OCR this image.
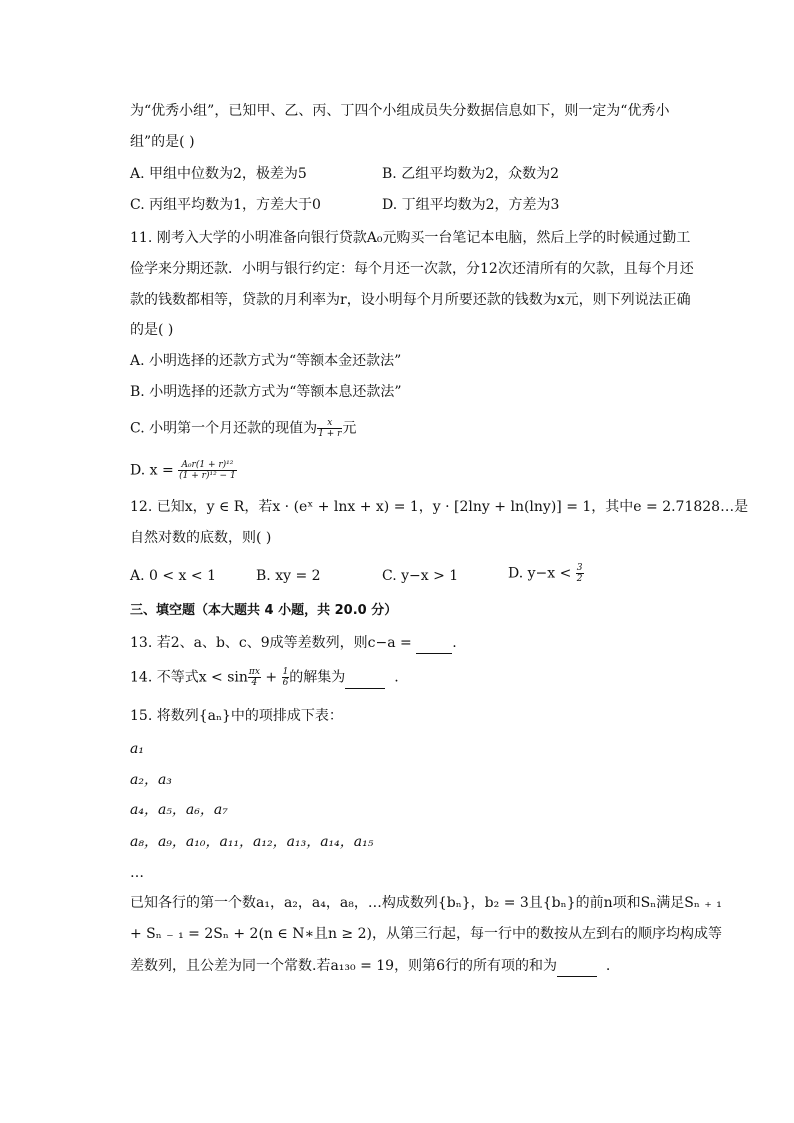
为“优秀小组”，已知甲、乙、丙、丁四个小组成员失分数据信息如下，则一定为“优秀小
组”的是( )
A. 甲组中位数为2，极差为5	B. 乙组平均数为2，众数为2
C. 丙组平均数为1，方差大于0	D. 丁组平均数为2，方差为3
11. 刚考入大学的小明准备向银行贷款A₀元购买一台笔记本电脑，然后上学的时候通过勤工
俭学来分期还款．小明与银行约定：每个月还一次款，分12次还清所有的欠款，且每个月还
款的钱数都相等，贷款的月利率为r，设小明每个月所要还款的钱数为x元，则下列说法正确
的是( )
A. 小明选择的还款方式为“等额本金还款法”
B. 小明选择的还款方式为“等额本息还款法”
C. 小明第一个月还款的现值为 $\frac{x}{1 + r}$ 元
D. $x = \frac{\text{A₀r(1 + r)¹²}}{\text{(1 + r)¹² − 1}}$
12. 已知x，y ∈ R，若x · (eˣ + lnx + x) = 1，y · [2lny + ln(lny)] = 1，其中e = 2.71828…是
自然对数的底数，则( )
A. 0 < x < 1	B. xy = 2	C. y−x > 1	D. $y-x < \frac{3}{2}$
三、填空题（本大题共 4 小题，共 20.0 分）
13. 若2、a、b、c、9成等差数列，则c−a =	.
14. 不等式$x < \sin \frac{\pi x}{4} + \frac{1}{6}$ 的解集为	.
15. 将数列{aₙ}中的项排成下表：
a₁
a₂，a₃
a₄，a₅，a₆，a₇
a₈，a₉，a₁₀，a₁₁，a₁₂，a₁₃，a₁₄，a₁₅
…
已知各行的第一个数a₁，a₂，a₄，a₈，…构成数列{bₙ}，b₂ = 3且{bₙ}的前n项和Sₙ满足Sₙ ₊ ₁
+ Sₙ ₋ ₁ = 2Sₙ + 2(n ∈ N∗且n ≥ 2)，从第三行起，每一行中的数按从左到右的顺序均构成等
差数列，且公差为同一个常数.若a₁₃₀ = 19，则第6行的所有项的和为	.
